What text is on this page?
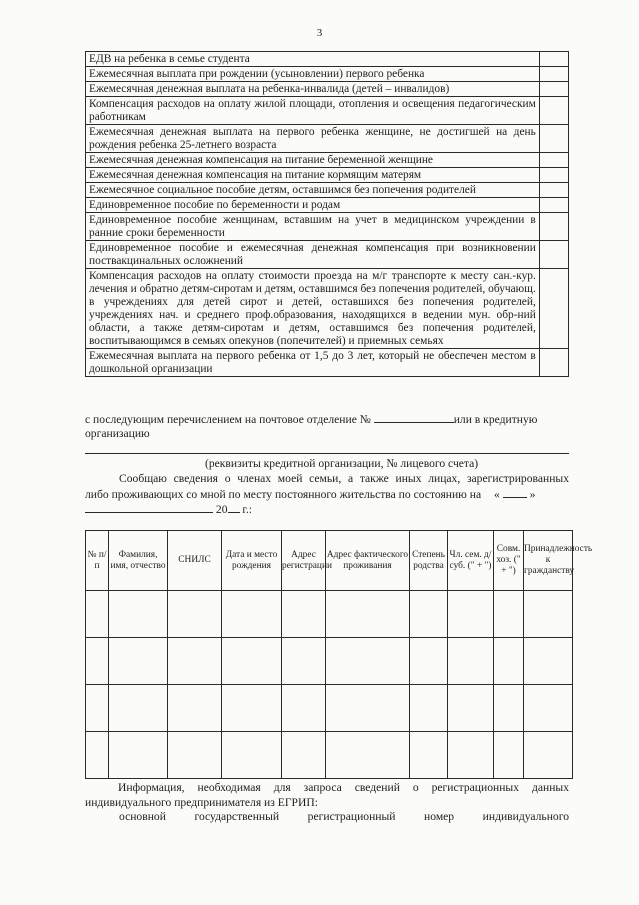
3
ЕДВ на ребенка в семье студента	
Ежемесячная выплата при рождении (усыновлении) первого ребенка	
Ежемесячная денежная выплата на ребенка-инвалида (детей – инвалидов)	
Компенсация расходов на оплату жилой площади, отопления и освещения педагогическим работникам	
Ежемесячная денежная выплата на первого ребенка женщине, не достигшей на день рождения ребенка 25-летнего возраста	
Ежемесячная денежная компенсация на питание беременной женщине	
Ежемесячная денежная компенсация на питание кормящим матерям	
Ежемесячное социальное пособие детям, оставшимся без попечения родителей	
Единовременное пособие по беременности и родам	
Единовременное пособие женщинам, вставшим на учет в медицинском учреждении в ранние сроки беременности	
Единовременное пособие и ежемесячная денежная компенсация при возникновении поствакцинальных осложнений	
Компенсация расходов на оплату стоимости проезда на м/г транспорте к месту сан.-кур. лечения и обратно детям-сиротам и детям, оставшимся без попечения родителей, обучающ. в учреждениях для детей сирот и детей, оставшихся без попечения родителей, учреждениях нач. и среднего проф.образования, находящихся в ведении мун. обр-ний области, а также детям-сиротам и детям, оставшимся без попечения родителей, воспитывающимся в семьях опекунов (попечителей) и приемных семьях	
Ежемесячная выплата на первого ребенка от 1,5 до 3 лет, который не обеспечен местом в дошкольной организации	
с последующим перечислением на почтовое отделение №	или в кредитную
организацию
(реквизиты кредитной организации, № лицевого счета)
Сообщаю сведения о членах моей семьи, а также иных лицах, зарегистрированных
либо проживающих со мной по месту постоянного жительства по состоянию на «	»
20 г.:
№ п/п	Фамилия, имя, отчество	СНИЛС	Дата и место рождения	Адрес регистрации	Адрес фактического проживания	Степень родства	Чл. сем. д/суб. (" + ")	Совм. хоз. (" + ")	Принадлежность к гражданству

Информация, необходимая для запроса сведений о регистрационных данных
индивидуального предпринимателя из ЕГРИП:
основной государственный регистрационный номер индивидуального
